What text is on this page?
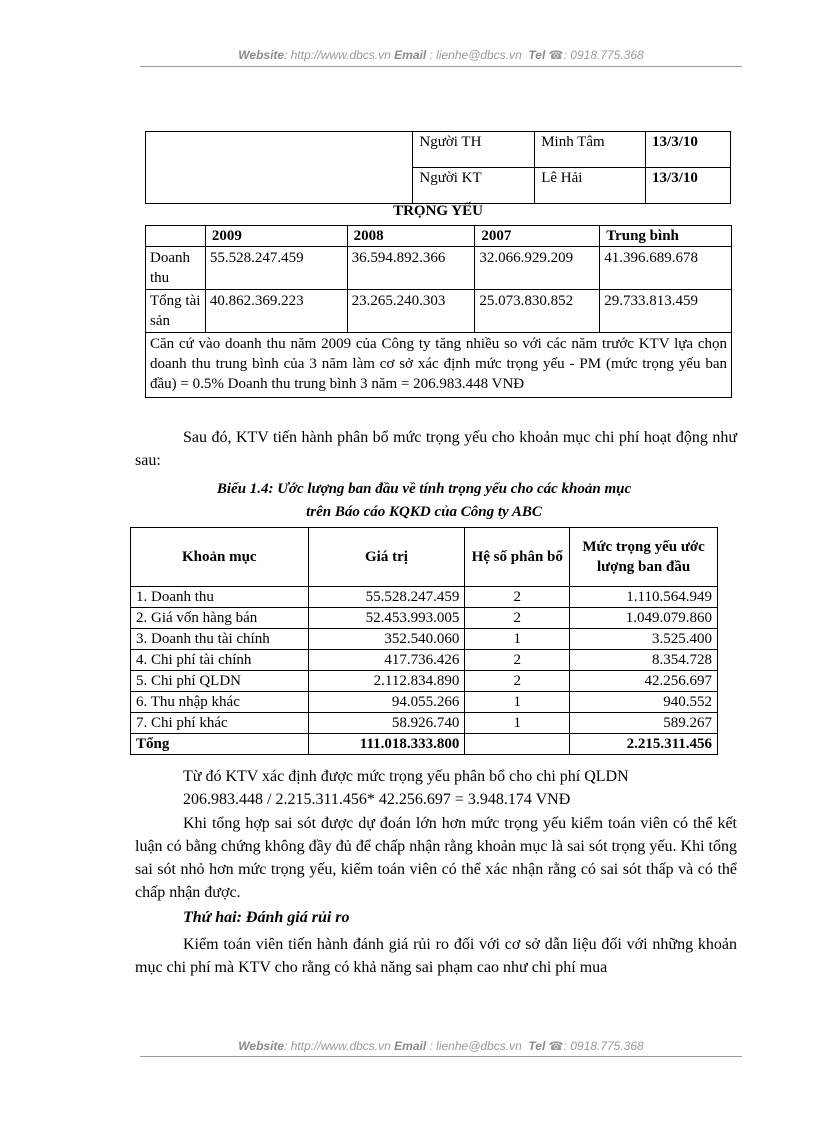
Website: http://www.dbcs.vn Email : lienhe@dbcs.vn Tel ☎: 0918.775.368
	Người TH	Minh Tâm	13/3/10
	Người KT	Lê Hải	13/3/10
TRỌNG YẾU
	2009	2008	2007	Trung bình
Doanh thu	55.528.247.459	36.594.892.366	32.066.929.209	41.396.689.678
Tổng tài sản	40.862.369.223	23.265.240.303	25.073.830.852	29.733.813.459
Căn cứ vào doanh thu năm 2009 của Công ty tăng nhiều so với các năm trước KTV lựa chọn doanh thu trung bình của 3 năm làm cơ sở xác định mức trọng yếu - PM (mức trọng yếu ban đầu) = 0.5% Doanh thu trung bình 3 năm = 206.983.448 VNĐ				
Sau đó, KTV tiến hành phân bổ mức trọng yếu cho khoản mục chi phí hoạt động như sau:
Biểu 1.4: Ước lượng ban đầu về tính trọng yếu cho các khoản mục
trên Báo cáo KQKD của Công ty ABC
Khoản mục	Giá trị	Hệ số phân bổ	Mức trọng yếu ước lượng ban đầu
1. Doanh thu	55.528.247.459	2	1.110.564.949
2. Giá vốn hàng bán	52.453.993.005	2	1.049.079.860
3. Doanh thu tài chính	352.540.060	1	3.525.400
4. Chi phí tài chính	417.736.426	2	8.354.728
5. Chi phí QLDN	2.112.834.890	2	42.256.697
6. Thu nhập khác	94.055.266	1	940.552
7. Chi phí khác	58.926.740	1	589.267
Tổng	111.018.333.800		2.215.311.456
Từ đó KTV xác định được mức trọng yếu phân bổ cho chi phí QLDN
206.983.448 / 2.215.311.456* 42.256.697 = 3.948.174 VNĐ
Khi tổng hợp sai sót được dự đoán lớn hơn mức trọng yếu kiểm toán viên có thể kết luận có bằng chứng không đầy đủ để chấp nhận rằng khoản mục là sai sót trọng yếu. Khi tổng sai sót nhỏ hơn mức trọng yếu, kiểm toán viên có thể xác nhận rằng có sai sót thấp và có thể chấp nhận được.
Thứ hai: Đánh giá rủi ro
Kiểm toán viên tiến hành đánh giá rủi ro đối với cơ sở dẫn liệu đối với những khoản mục chi phí mà KTV cho rằng có khả năng sai phạm cao như chi phí mua
Website: http://www.dbcs.vn Email : lienhe@dbcs.vn Tel ☎: 0918.775.368
